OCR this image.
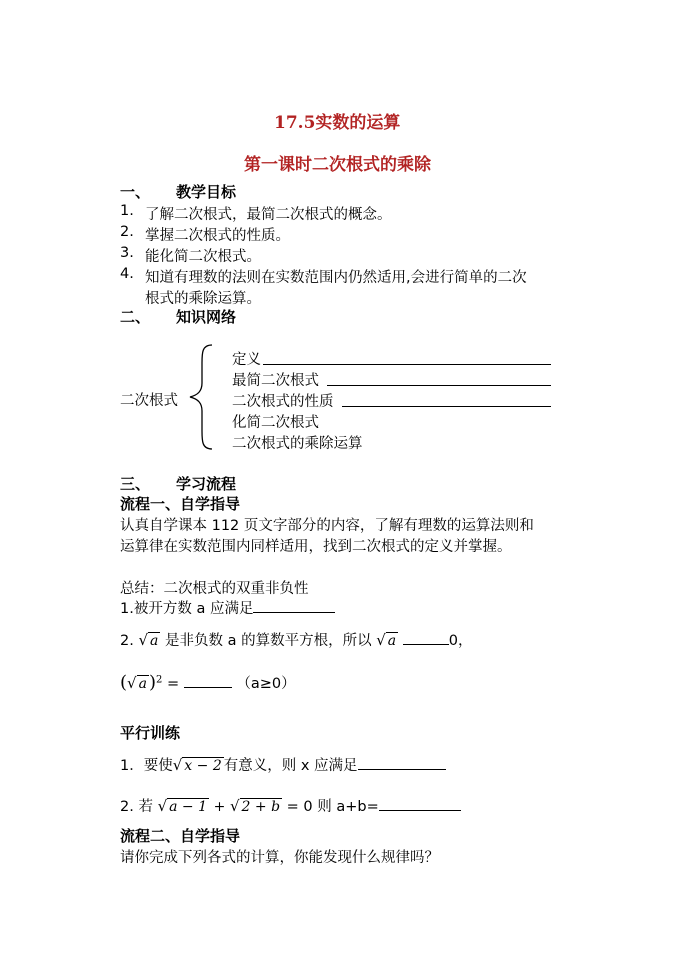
17.5实数的运算
第一课时二次根式的乘除
一、 教学目标
1. 了解二次根式，最简二次根式的概念。
2. 掌握二次根式的性质。
3. 能化简二次根式。
4. 知道有理数的法则在实数范围内仍然适用,会进行简单的二次
根式的乘除运算。
二、 知识网络
二次根式
定义
最简二次根式
二次根式的性质
化简二次根式
二次根式的乘除运算
三、 学习流程
流程一、自学指导
认真自学课本 112 页文字部分的内容，了解有理数的运算法则和
运算律在实数范围内同样适用，找到二次根式的定义并掌握。
总结：二次根式的双重非负性
1.被开方数 a 应满足
2. √ a 是非负数 a 的算数平方根，所以 √ a	0，
(√ a )$^2$ =	（a≥0）
平行训练
1．要使√ x − 2 有意义，则 x 应满足
2. 若 √ a − 1 + √ 2 + b = 0 则 a+b=
流程二、自学指导
请你完成下列各式的计算，你能发现什么规律吗？
